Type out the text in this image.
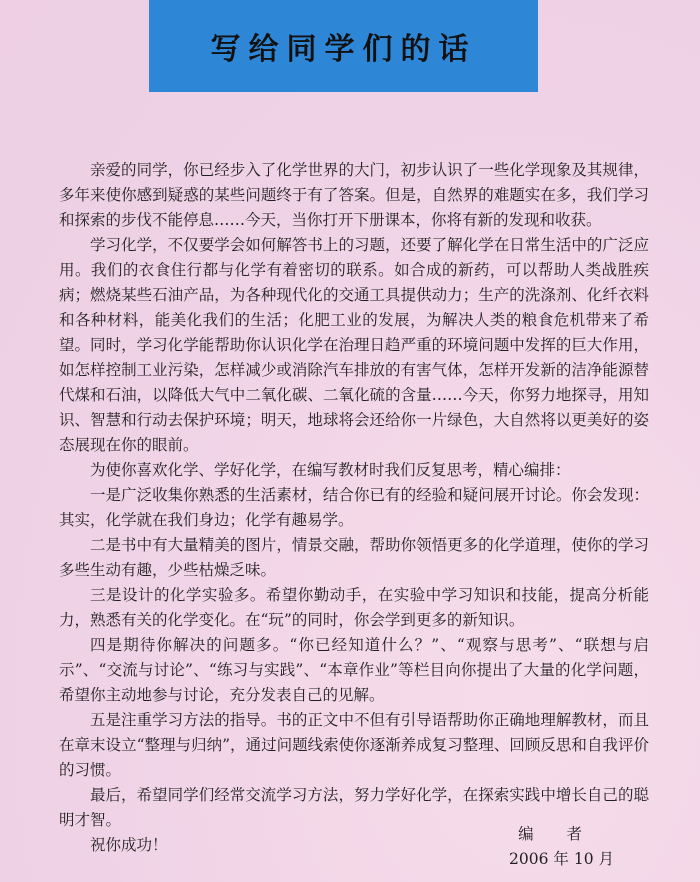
写给同学们的话

亲爱的同学，你已经步入了化学世界的大门，初步认识了一些化学现象及其规律，多年来使你感到疑惑的某些问题终于有了答案。但是，自然界的难题实在多，我们学习和探索的步伐不能停息……今天，当你打开下册课本，你将有新的发现和收获。

学习化学，不仅要学会如何解答书上的习题，还要了解化学在日常生活中的广泛应用。我们的衣食住行都与化学有着密切的联系。如合成的新药，可以帮助人类战胜疾病；燃烧某些石油产品，为各种现代化的交通工具提供动力；生产的洗涤剂、化纤衣料和各种材料，能美化我们的生活；化肥工业的发展，为解决人类的粮食危机带来了希望。同时，学习化学能帮助你认识化学在治理日趋严重的环境问题中发挥的巨大作用，如怎样控制工业污染，怎样减少或消除汽车排放的有害气体，怎样开发新的洁净能源替代煤和石油，以降低大气中二氧化碳、二氧化硫的含量……今天，你努力地探寻，用知识、智慧和行动去保护环境；明天，地球将会还给你一片绿色，大自然将以更美好的姿态展现在你的眼前。

为使你喜欢化学、学好化学，在编写教材时我们反复思考，精心编排：

一是广泛收集你熟悉的生活素材，结合你已有的经验和疑问展开讨论。你会发现：其实，化学就在我们身边；化学有趣易学。

二是书中有大量精美的图片，情景交融，帮助你领悟更多的化学道理，使你的学习多些生动有趣，少些枯燥乏味。

三是设计的化学实验多。希望你勤动手，在实验中学习知识和技能，提高分析能力，熟悉有关的化学变化。在“玩”的同时，你会学到更多的新知识。

四是期待你解决的问题多。“你已经知道什么？”、“观察与思考”、“联想与启示”、“交流与讨论”、“练习与实践”、“本章作业”等栏目向你提出了大量的化学问题，希望你主动地参与讨论，充分发表自己的见解。

五是注重学习方法的指导。书的正文中不但有引导语帮助你正确地理解教材，而且在章末设立“整理与归纳”，通过问题线索使你逐渐养成复习整理、回顾反思和自我评价的习惯。

最后，希望同学们经常交流学习方法，努力学好化学，在探索实践中增长自己的聪明才智。

祝你成功！

编 者
2006 年 10 月
